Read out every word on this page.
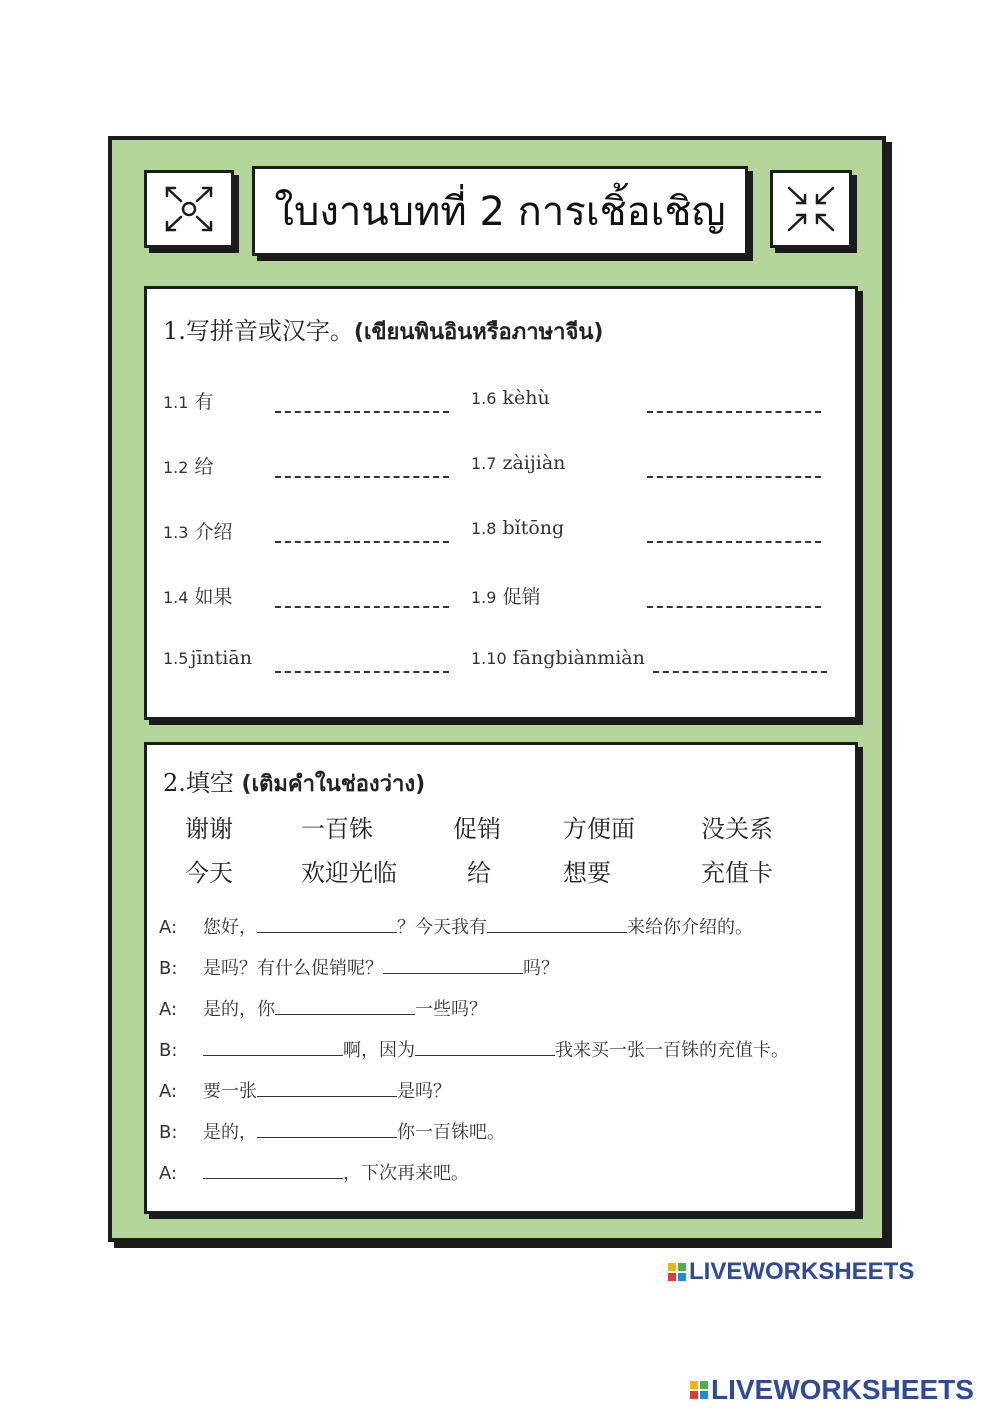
ใบงานบทที่ 2 การเชิ้อเชิญ
1.写拼音或汉字。(เขียนพินอินหรือภาษาจีน)
1.1 有
1.2 给
1.3 介绍
1.4 如果
1.5 jīntiān
1.6 kèhù
1.7 zàijiàn
1.8 bǐtōng
1.9 促销
1.10 fāngbiànmiàn
2.填空 (เติมคำในช่องว่าง)
谢谢	一百铢	促销	方便面	没关系
今天	欢迎光临	给	想要	充值卡
A: 您好，	？今天我有	来给你介绍的。
B: 是吗？有什么促销呢？	吗？
A: 是的，你	一些吗？
B:	啊，因为	我来买一张一百铢的充值卡。
A: 要一张	是吗？
B: 是的，	你一百铢吧。
A:	，下次再来吧。
LIVEWORKSHEETS
LIVEWORKSHEETS
